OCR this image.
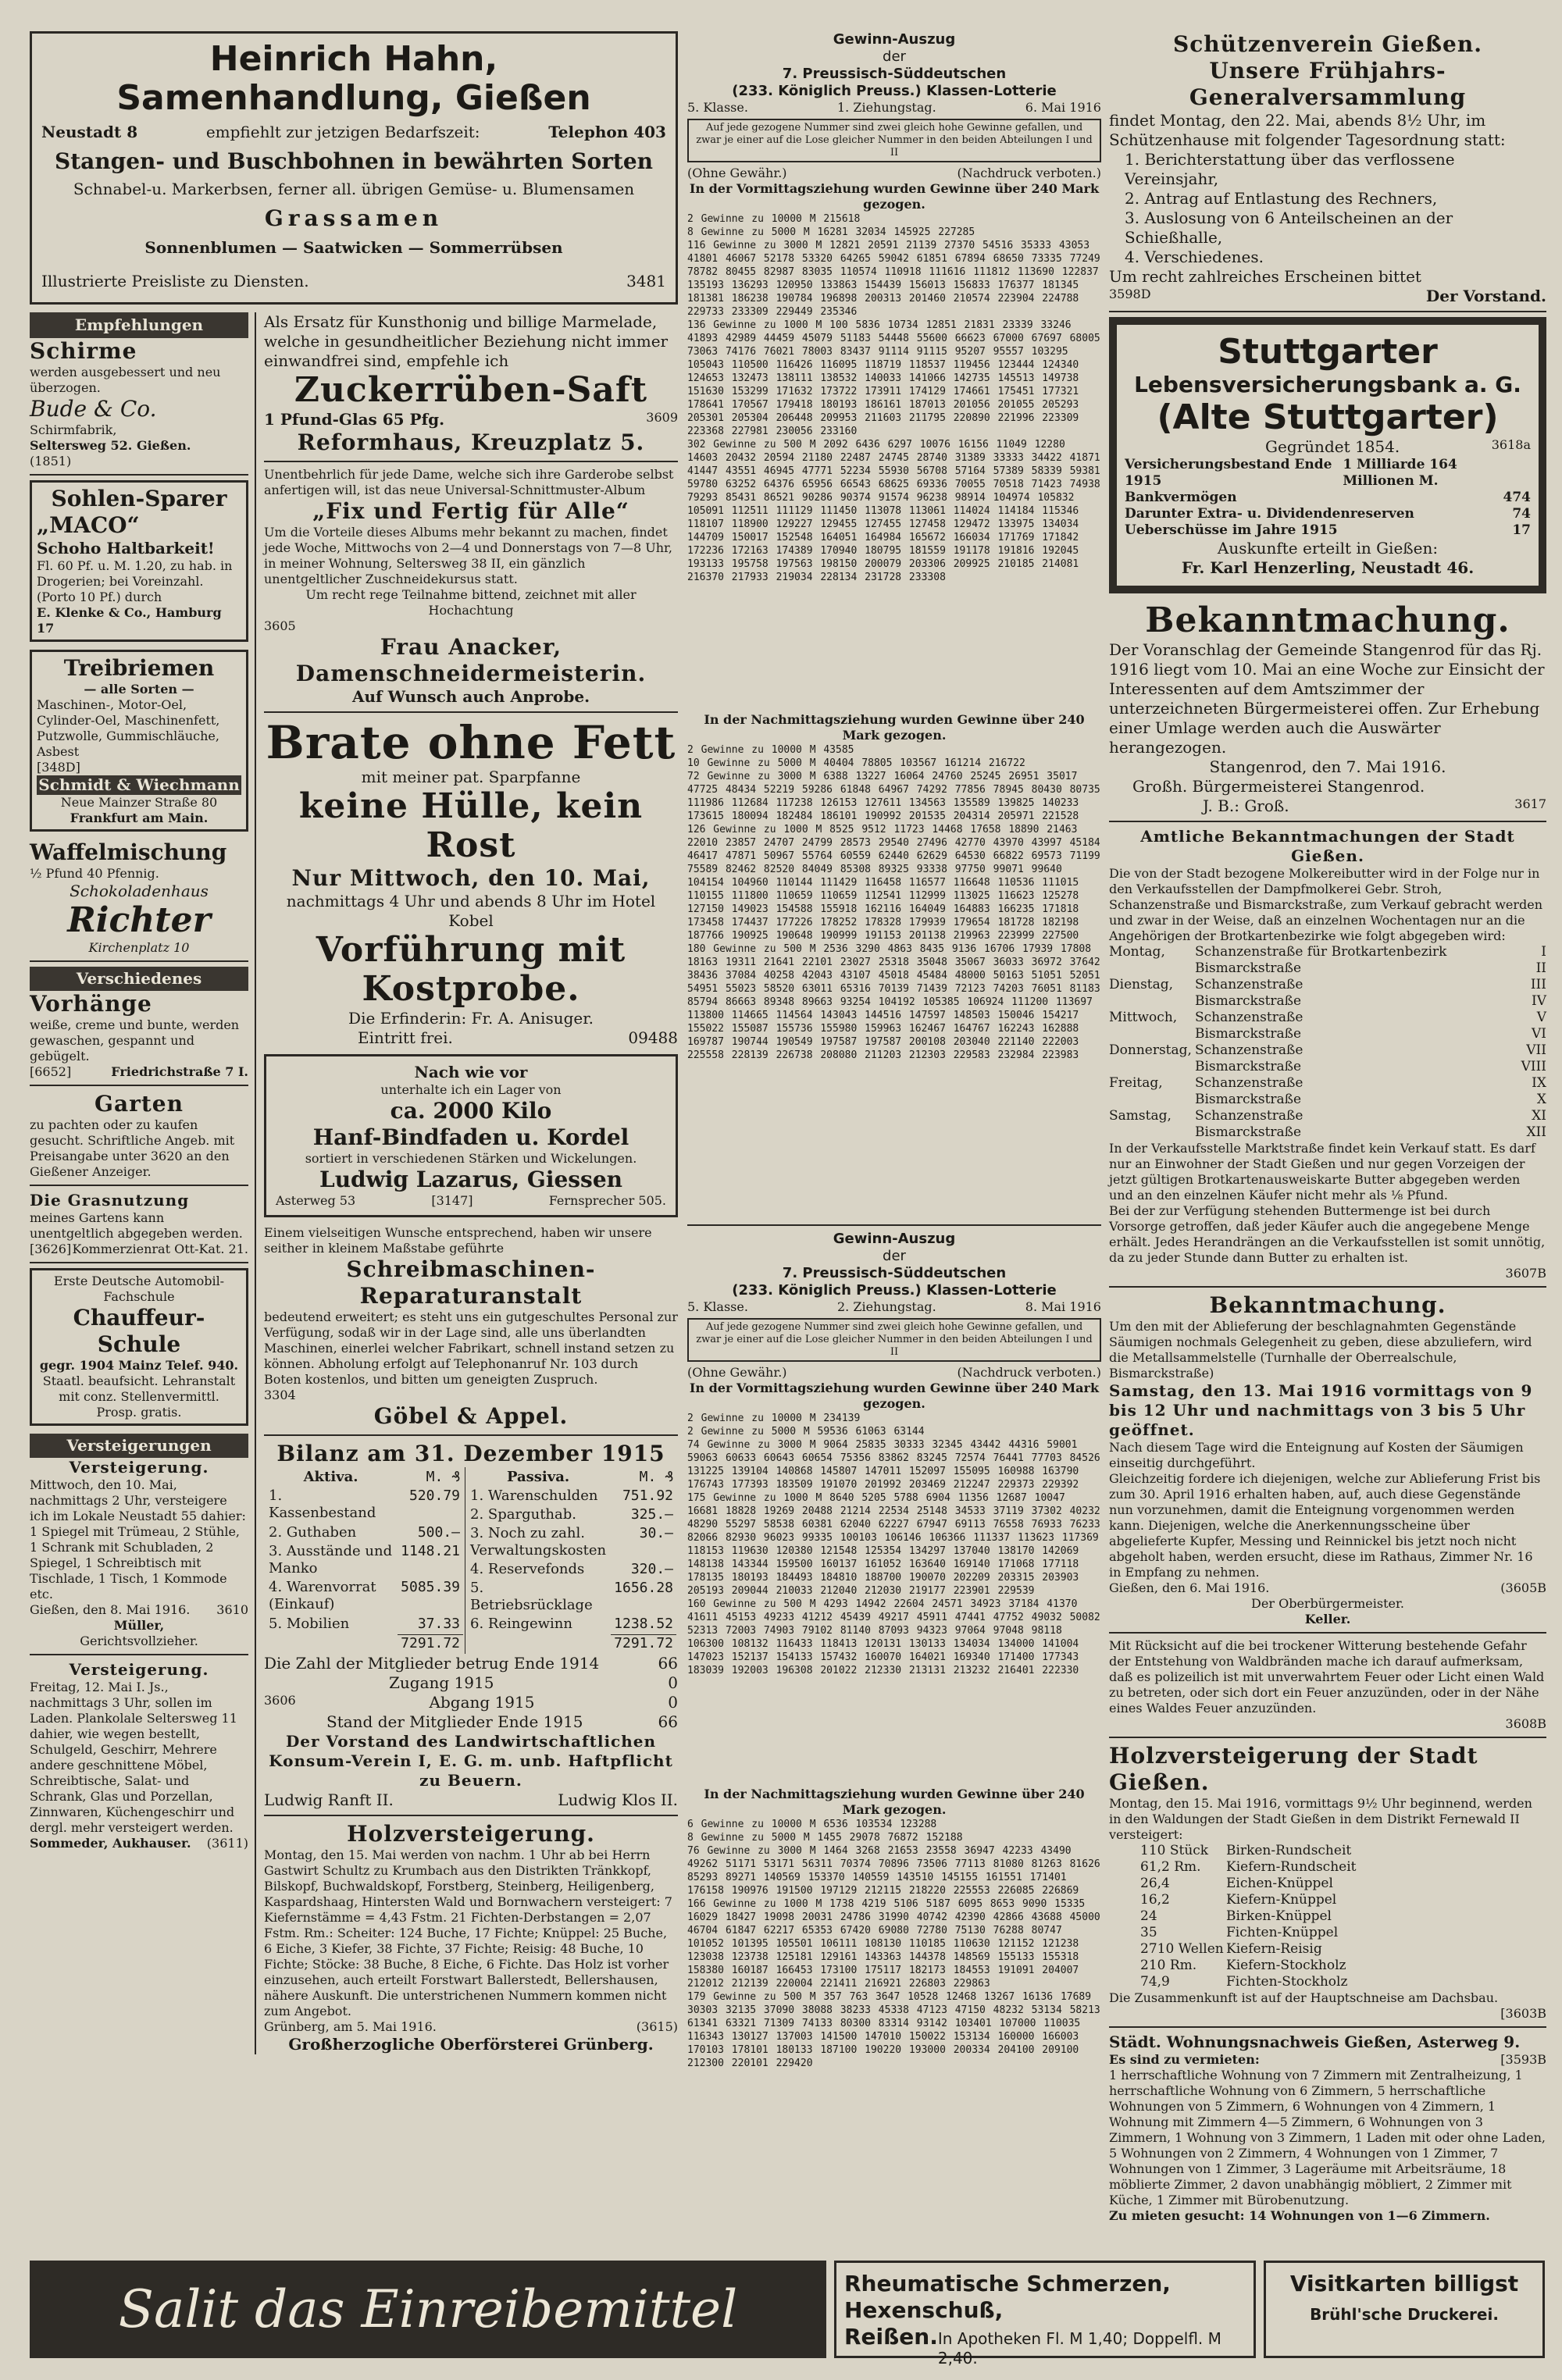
Heinrich Hahn, Samenhandlung, Gießen
Neustadt 8	empfiehlt zur jetzigen Bedarfszeit:	Telephon 403
Stangen- und Buschbohnen in bewährten Sorten
Schnabel-u. Markerbsen, ferner all. übrigen Gemüse- u. Blumensamen
Grassamen
Sonnenblumen — Saatwicken — Sommerrübsen
Illustrierte Preisliste zu Diensten.	3481
Empfehlungen
Schirme
werden ausgebessert und neu überzogen.
Bude & Co.
Schirmfabrik,
Seltersweg 52. Gießen.
(1851)
Sohlen-Sparer
„MACO“
Schoho Haltbarkeit!
Fl. 60 Pf. u. M. 1.20, zu hab. in Drogerien; bei Voreinzahl. (Porto 10 Pf.) durch
E. Klenke & Co., Hamburg 17
Treibriemen
— alle Sorten —
Maschinen-, Motor-Oel, Cylinder-Oel, Maschinenfett, Putzwolle, Gummischläuche, Asbest
[348D]
Schmidt & Wiechmann
Neue Mainzer Straße 80
Frankfurt am Main.
Waffelmischung
½ Pfund 40 Pfennig.
Schokoladenhaus
Richter
Kirchenplatz 10
Verschiedenes
Vorhänge
weiße, creme und bunte, werden gewaschen, gespannt und gebügelt.
[6652]	Friedrichstraße 7 I.
Garten
zu pachten oder zu kaufen gesucht. Schriftliche Angeb. mit Preisangabe unter 3620 an den Gießener Anzeiger.
Die Grasnutzung
meines Gartens kann unentgeltlich abgegeben werden.
[3626] Kommerzienrat Ott-Kat. 21.
Erste Deutsche Automobil-Fachschule
Chauffeur-Schule
gegr. 1904 Mainz Telef. 940.
Staatl. beaufsicht. Lehranstalt mit conz. Stellenvermittl. Prosp. gratis.
Versteigerungen
Versteigerung.
Mittwoch, den 10. Mai, nachmittags 2 Uhr, versteigere ich im Lokale Neustadt 55 dahier: 1 Spiegel mit Trümeau, 2 Stühle, 1 Schrank mit Schubladen, 2 Spiegel, 1 Schreibtisch mit Tischlade, 1 Tisch, 1 Kommode etc.
Gießen, den 8. Mai 1916. 3610
Müller,
Gerichtsvollzieher.
Versteigerung.
Freitag, 12. Mai I. Js., nachmittags 3 Uhr, sollen im Laden. Plankolale Seltersweg 11 dahier, wie wegen bestellt, Schulgeld, Geschirr, Mehrere andere geschnittene Möbel, Schreibtische, Salat- und Schrank, Glas und Porzellan, Zinnwaren, Küchengeschirr und dergl. mehr versteigert werden.
Sommeder, Aukhauser. (3611)
Als Ersatz für Kunsthonig und billige Marmelade, welche in gesundheitlicher Beziehung nicht immer einwandfrei sind, empfehle ich
Zuckerrüben-Saft
1 Pfund-Glas 65 Pfg.	3609
Reformhaus, Kreuzplatz 5.
Unentbehrlich für jede Dame, welche sich ihre Garderobe selbst anfertigen will, ist das neue Universal-Schnittmuster-Album
„Fix und Fertig für Alle“
Um die Vorteile dieses Albums mehr bekannt zu machen, findet jede Woche, Mittwochs von 2—4 und Donnerstags von 7—8 Uhr, in meiner Wohnung, Seltersweg 38 II, ein gänzlich unentgeltlicher Zuschneidekursus statt.
Um recht rege Teilnahme bittend, zeichnet mit aller Hochachtung
3605
Frau Anacker, Damenschneidermeisterin.
Auf Wunsch auch Anprobe.
Brate ohne Fett
mit meiner pat. Sparpfanne
keine Hülle, kein Rost
Nur Mittwoch, den 10. Mai,
nachmittags 4 Uhr und abends 8 Uhr im Hotel Kobel
Vorführung mit Kostprobe.
Die Erfinderin: Fr. A. Anisuger.
Eintritt frei.	09488
Nach wie vor
unterhalte ich ein Lager von
ca. 2000 Kilo
Hanf-Bindfaden u. Kordel
sortiert in verschiedenen Stärken und Wickelungen.
Ludwig Lazarus, Giessen
Asterweg 53	[3147]	Fernsprecher 505.
Einem vielseitigen Wunsche entsprechend, haben wir unsere seither in kleinem Maßstabe geführte
Schreibmaschinen-Reparaturanstalt
bedeutend erweitert; es steht uns ein gutgeschultes Personal zur Verfügung, sodaß wir in der Lage sind, alle uns überlandten Maschinen, einerlei welcher Fabrikart, schnell instand setzen zu können. Abholung erfolgt auf Telephonanruf Nr. 103 durch Boten kostenlos, und bitten um geneigten Zuspruch.
3304
Göbel & Appel.
Bilanz am 31. Dezember 1915
Aktiva.	M. ₰
1. Kassenbestand	520.79
2. Guthaben	500.—
3. Ausstände und Manko	1148.21
4. Warenvorrat (Einkauf)	5085.39
5. Mobilien	37.33
	7291.72
Passiva.	M. ₰
1. Warenschulden	751.92
2. Sparguthab.	325.—
3. Noch zu zahl. Verwaltungskosten	30.—
4. Reservefonds	320.—
5. Betriebsrücklage	1656.28
6. Reingewinn	1238.52
	7291.72
Die Zahl der Mitglieder betrug Ende 1914	66
Zugang 1915	0
3606	Abgang 1915	0
Stand der Mitglieder Ende 1915	66
Der Vorstand des Landwirtschaftlichen Konsum-Verein I, E. G. m. unb. Haftpflicht zu Beuern.
Ludwig Ranft II.	Ludwig Klos II.
Holzversteigerung.
Montag, den 15. Mai werden von nachm. 1 Uhr ab bei Herrn Gastwirt Schultz zu Krumbach aus den Distrikten Tränkkopf, Bilskopf, Buchwaldskopf, Forstberg, Steinberg, Heiligenberg, Kaspardshaag, Hintersten Wald und Bornwachern versteigert: 7 Kiefernstämme = 4,43 Fstm. 21 Fichten-Derbstangen = 2,07 Fstm. Rm.: Scheiter: 124 Buche, 17 Fichte; Knüppel: 25 Buche, 6 Eiche, 3 Kiefer, 38 Fichte, 37 Fichte; Reisig: 48 Buche, 10 Fichte; Stöcke: 38 Buche, 8 Eiche, 6 Fichte. Das Holz ist vorher einzusehen, auch erteilt Forstwart Ballerstedt, Bellershausen, nähere Auskunft. Die unterstrichenen Nummern kommen nicht zum Angebot.
Grünberg, am 5. Mai 1916.	(3615)
Großherzogliche Oberförsterei Grünberg.
Gewinn-Auszug
der
7. Preussisch-Süddeutschen
(233. Königlich Preuss.) Klassen-Lotterie
5. Klasse.	1. Ziehungstag.	6. Mai 1916
Auf jede gezogene Nummer sind zwei gleich hohe Gewinne gefallen, und zwar je einer auf die Lose gleicher Nummer in den beiden Abteilungen I und II
(Ohne Gewähr.)	(Nachdruck verboten.)
In der Vormittagsziehung wurden Gewinne über 240 Mark gezogen.
2 Gewinne zu 10000 M 215618
8 Gewinne zu 5000 M 16281 32034 145925 227285
116 Gewinne zu 3000 M 12821 20591 21139 27370 54516 35333 43053 41801 46067 52178 53320 64265 59042 61851 67894 68650 73335 77249 78782 80455 82987 83035 110574 110918 111616 111812 113690 122837 135193 136293 120950 133863 154439 156013 156833 176377 181345 181381 186238 190784 196898 200313 201460 210574 223904 224788 229733 233309 229449 235346
136 Gewinne zu 1000 M 100 5836 10734 12851 21831 23339 33246 41893 42989 44459 45079 51183 54448 55600 66623 67000 67697 68005 73063 74176 76021 78003 83437 91114 91115 95207 95557 103295 105043 110500 116426 116095 118719 118537 119456 123444 124340 124653 132473 138111 138532 140033 141066 142735 145513 149738 151630 153299 171632 173722 173911 174129 174661 175451 177321 178641 170567 179418 180193 186161 187013 201056 201055 205293 205301 205304 206448 209953 211603 211795 220890 221996 223309 223368 227981 230056 233160
302 Gewinne zu 500 M 2092 6436 6297 10076 16156 11049 12280 14603 20432 20594 21180 22487 24745 28740 31389 33333 34422 41871 41447 43551 46945 47771 52234 55930 56708 57164 57389 58339 59381 59780 63252 64376 65956 66543 68625 69336 70055 70518 71423 74938 79293 85431 86521 90286 90374 91574 96238 98914 104974 105832 105091 112511 111129 111450 113078 113061 114024 114184 115346 118107 118900 129227 129455 127455 127458 129472 133975 134034 144709 150017 152548 164051 164984 165672 166034 171769 171842 172236 172163 174389 170940 180795 181559 191178 191816 192045 193133 195758 197563 198150 200079 203306 209925 210185 214081 216370 217933 219034 228134 231728 233308
In der Nachmittagsziehung wurden Gewinne über 240 Mark gezogen.
2 Gewinne zu 10000 M 43585
10 Gewinne zu 5000 M 40404 78805 103567 161214 216722
72 Gewinne zu 3000 M 6388 13227 16064 24760 25245 26951 35017 47725 48434 52219 59286 61848 64967 74292 77856 78945 80430 80735 111986 112684 117238 126153 127611 134563 135589 139825 140233 173615 180094 182484 186101 190992 201535 204314 205971 221528
126 Gewinne zu 1000 M 8525 9512 11723 14468 17658 18890 21463 22010 23857 24707 24799 28573 29540 27496 42770 43970 43997 45184 46417 47871 50967 55764 60559 62440 62629 64530 66822 69573 71199 75589 82462 82520 84049 85308 89325 93338 97750 99071 99640 104154 104960 110144 111429 116458 116577 116648 110536 111015 110155 111800 110659 110659 112541 112999 113025 116623 125278 127150 149023 154588 155918 162116 164049 164883 166235 171818 173458 174437 177226 178252 178328 179939 179654 181728 182198 187766 190925 190648 190999 191153 201138 219963 223999 227500
180 Gewinne zu 500 M 2536 3290 4863 8435 9136 16706 17939 17808 18163 19311 21641 22101 23027 25318 35048 35067 36033 36972 37642 38436 37084 40258 42043 43107 45018 45484 48000 50163 51051 52051 54951 55023 58520 63011 65316 70139 71439 72123 74203 76051 81183 85794 86663 89348 89663 93254 104192 105385 106924 111200 113697 113800 114665 114564 143043 144516 147597 148503 150046 154217 155022 155087 155736 155980 159963 162467 164767 162243 162888 169787 190744 190549 197587 197587 200108 203040 221140 222003 225558 228139 226738 208080 211203 212303 229583 232984 223983
Gewinn-Auszug
der
7. Preussisch-Süddeutschen
(233. Königlich Preuss.) Klassen-Lotterie
5. Klasse.	2. Ziehungstag.	8. Mai 1916
Auf jede gezogene Nummer sind zwei gleich hohe Gewinne gefallen, und zwar je einer auf die Lose gleicher Nummer in den beiden Abteilungen I und II
(Ohne Gewähr.)	(Nachdruck verboten.)
In der Vormittagsziehung wurden Gewinne über 240 Mark gezogen.
2 Gewinne zu 10000 M 234139
2 Gewinne zu 5000 M 59536 61063 63144
74 Gewinne zu 3000 M 9064 25835 30333 32345 43442 44316 59001 59063 60633 60643 60654 75356 83862 83245 72574 76441 77703 84526 131225 139104 140868 145807 147011 152097 155095 160988 163790 176743 177393 183509 191070 201992 203469 212247 229373 229392
175 Gewinne zu 1000 M 8640 5205 5788 6904 11356 12687 10047 16681 18828 19269 20488 21214 22534 25148 34533 37119 37302 40232 48290 55297 58538 60381 62040 62227 67947 69113 76558 76933 76233 82066 82930 96023 99335 100103 106146 106366 111337 113623 117369 118153 119630 120380 121548 125354 134297 137040 138170 142069 148138 143344 159500 160137 161052 163640 169140 171068 177118 178135 180193 184493 184810 188700 190070 202209 203315 203903 205193 209044 210033 212040 212030 219177 223901 229539
160 Gewinne zu 500 M 4293 14942 22604 24571 34923 37184 41370 41611 45153 49233 41212 45439 49217 45911 47441 47752 49032 50082 52313 72003 74903 79102 81140 87093 94323 97064 97048 98118 106300 108132 116433 118413 120131 130133 134034 134000 141004 147023 152137 154133 157432 160070 164021 169340 171400 177343 183039 192003 196308 201022 212330 213131 213232 216401 222330
In der Nachmittagsziehung wurden Gewinne über 240 Mark gezogen.
6 Gewinne zu 10000 M 6536 103534 123288
8 Gewinne zu 5000 M 1455 29078 76872 152188
76 Gewinne zu 3000 M 1464 3268 21653 23558 36947 42233 43490 49262 51171 53171 56311 70374 70896 73506 77113 81080 81263 81626 85293 89271 140569 153370 140559 143510 145155 161551 171401 176158 190976 191500 197129 212115 218220 225553 226085 226869
166 Gewinne zu 1000 M 1738 4219 5106 5187 6095 8653 9090 15335 16029 18427 19098 20031 24786 31990 40742 42390 42866 43688 45000 46704 61847 62217 65353 67420 69080 72780 75130 76288 80747 101052 101395 105501 106111 108130 110185 110630 121152 121238 123038 123738 125181 129161 143363 144378 148569 155133 155318 158380 160187 166453 173100 175117 182173 184553 191091 204007 212012 212139 220004 221411 216921 226803 229863
179 Gewinne zu 500 M 357 763 3647 10528 12468 13267 16136 17689 30303 32135 37090 38088 38233 45338 47123 47150 48232 53134 58213 61341 63321 71309 74133 80300 83314 93142 103401 107000 110035 116343 130127 137003 141500 147010 150022 153134 160000 166003 170103 178101 180133 187100 190220 193000 200334 204100 209100 212300 220101 229420
Schützenverein Gießen.
Unsere Frühjahrs-Generalversammlung
findet Montag, den 22. Mai, abends 8½ Uhr, im Schützenhause mit folgender Tagesordnung statt:
1. Berichterstattung über das verflossene Vereinsjahr,
2. Antrag auf Entlastung des Rechners,
3. Auslosung von 6 Anteilscheinen an der Schießhalle,
4. Verschiedenes.
Um recht zahlreiches Erscheinen bittet
3598D	Der Vorstand.
Stuttgarter
Lebensversicherungsbank a. G.
(Alte Stuttgarter)
Gegründet 1854.	3618a
Versicherungsbestand Ende 1915
1 Milliarde 164 Millionen M.
Bankvermögen	474
Darunter Extra- u. Dividendenreserven	74
Ueberschüsse im Jahre 1915	17
Auskunfte erteilt in Gießen:
Fr. Karl Henzerling, Neustadt 46.
Bekanntmachung.
Der Voranschlag der Gemeinde Stangenrod für das Rj. 1916 liegt vom 10. Mai an eine Woche zur Einsicht der Interessenten auf dem Amtszimmer der unterzeichneten Bürgermeisterei offen. Zur Erhebung einer Umlage werden auch die Auswärter herangezogen.
Stangenrod, den 7. Mai 1916.
Großh. Bürgermeisterei Stangenrod.
J. B.: Groß.	3617
Amtliche Bekanntmachungen der Stadt Gießen.
Die von der Stadt bezogene Molkereibutter wird in der Folge nur in den Verkaufsstellen der Dampfmolkerei Gebr. Stroh, Schanzenstraße und Bismarckstraße, zum Verkauf gebracht werden und zwar in der Weise, daß an einzelnen Wochentagen nur an die Angehörigen der Brotkartenbezirke wie folgt abgegeben wird:
Montag,	Schanzenstraße für Brotkartenbezirk	I
Bismarckstraße	II
Dienstag,	Schanzenstraße	III
Bismarckstraße	IV
Mittwoch,	Schanzenstraße	V
Bismarckstraße	VI
Donnerstag, Schanzenstraße	VII
Bismarckstraße	VIII
Freitag,	Schanzenstraße	IX
Bismarckstraße	X
Samstag,	Schanzenstraße	XI
Bismarckstraße	XII
In der Verkaufsstelle Marktstraße findet kein Verkauf statt. Es darf nur an Einwohner der Stadt Gießen und nur gegen Vorzeigen der jetzt gültigen Brotkartenausweiskarte Butter abgegeben werden und an den einzelnen Käufer nicht mehr als ⅛ Pfund.
Bei der zur Verfügung stehenden Buttermenge ist bei durch Vorsorge getroffen, daß jeder Käufer auch die angegebene Menge erhält. Jedes Herandrängen an die Verkaufsstellen ist somit unnötig, da zu jeder Stunde dann Butter zu erhalten ist.
3607B
Bekanntmachung.
Um den mit der Ablieferung der beschlagnahmten Gegenstände Säumigen nochmals Gelegenheit zu geben, diese abzuliefern, wird die Metallsammelstelle (Turnhalle der Oberrealschule, Bismarckstraße)
Samstag, den 13. Mai 1916 vormittags von 9 bis 12 Uhr und nachmittags von 3 bis 5 Uhr geöffnet.
Nach diesem Tage wird die Enteignung auf Kosten der Säumigen einseitig durchgeführt.
Gleichzeitig fordere ich diejenigen, welche zur Ablieferung Frist bis zum 30. April 1916 erhalten haben, auf, auch diese Gegenstände nun vorzunehmen, damit die Enteignung vorgenommen werden kann. Diejenigen, welche die Anerkennungsscheine über abgelieferte Kupfer, Messing und Reinnickel bis jetzt noch nicht abgeholt haben, werden ersucht, diese im Rathaus, Zimmer Nr. 16 in Empfang zu nehmen.
Gießen, den 6. Mai 1916.	(3605B
Der Oberbürgermeister.
Keller.
Mit Rücksicht auf die bei trockener Witterung bestehende Gefahr der Entstehung von Waldbränden mache ich darauf aufmerksam, daß es polizeilich ist mit unverwahrtem Feuer oder Licht einen Wald zu betreten, oder sich dort ein Feuer anzuzünden, oder in der Nähe eines Waldes Feuer anzuzünden.
3608B
Holzversteigerung der Stadt Gießen.
Montag, den 15. Mai 1916, vormittags 9½ Uhr beginnend, werden in den Waldungen der Stadt Gießen in dem Distrikt Fernewald II versteigert:
110 Stück	Birken-Rundscheit
61,2 Rm.	Kiefern-Rundscheit
26,4	Eichen-Knüppel
16,2	Kiefern-Knüppel
24	Birken-Knüppel
35	Fichten-Knüppel
2710 Wellen Kiefern-Reisig
210 Rm.	Kiefern-Stockholz
74,9	Fichten-Stockholz
Die Zusammenkunft ist auf der Hauptschneise am Dachsbau.
[3603B
Städt. Wohnungsnachweis Gießen, Asterweg 9.
Es sind zu vermieten:	[3593B
1 herrschaftliche Wohnung von 7 Zimmern mit Zentralheizung, 1 herrschaftliche Wohnung von 6 Zimmern, 5 herrschaftliche Wohnungen von 5 Zimmern, 6 Wohnungen von 4 Zimmern, 1 Wohnung mit Zimmern 4—5 Zimmern, 6 Wohnungen von 3 Zimmern, 1 Wohnung von 3 Zimmern, 1 Laden mit oder ohne Laden, 5 Wohnungen von 2 Zimmern, 4 Wohnungen von 1 Zimmer, 7 Wohnungen von 1 Zimmer, 3 Lageräume mit Arbeitsräume, 18 möblierte Zimmer, 2 davon unabhängig möbliert, 2 Zimmer mit Küche, 1 Zimmer mit Bürobenutzung.
Zu mieten gesucht: 14 Wohnungen von 1—6 Zimmern.
Salit das Einreibemittel	Rheumatische Schmerzen, Hexenschuß,
Reißen. In Apotheken Fl. M 1,40; Doppelfl. M 2,40.
Visitkarten billigst
Brühl'sche Druckerei.
